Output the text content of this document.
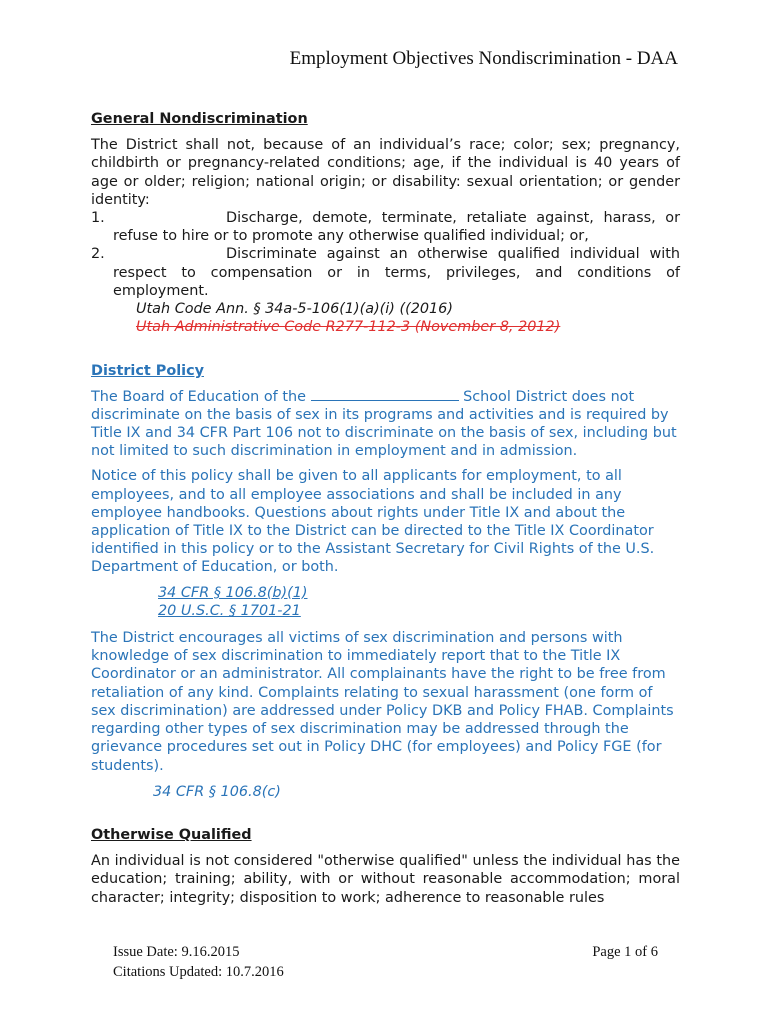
Employment Objectives Nondiscrimination - DAA
General Nondiscrimination

The District shall not, because of an individual’s race; color; sex; pregnancy, childbirth or pregnancy-related conditions; age, if the individual is 40 years of age or older; religion; national origin; or disability: sexual orientation; or gender identity:

1.	Discharge, demote, terminate, retaliate against, harass, or refuse to hire or to promote any otherwise qualified individual; or,
2.	Discriminate against an otherwise qualified individual with respect to compensation or in terms, privileges, and conditions of employment.

Utah Code Ann. § 34a-5-106(1)(a)(i) ((2016)

Utah Administrative Code R277-112-3 (November 8, 2012)

District Policy

The Board of Education of the	School District does not discriminate on the basis of sex in its programs and activities and is required by Title IX and 34 CFR Part 106 not to discriminate on the basis of sex, including but not limited to such discrimination in employment and in admission.

Notice of this policy shall be given to all applicants for employment, to all employees, and to all employee associations and shall be included in any employee handbooks. Questions about rights under Title IX and about the application of Title IX to the District can be directed to the Title IX Coordinator identified in this policy or to the Assistant Secretary for Civil Rights of the U.S. Department of Education, or both.

34 CFR § 106.8(b)(1)

20 U.S.C. § 1701-21

The District encourages all victims of sex discrimination and persons with knowledge of sex discrimination to immediately report that to the Title IX Coordinator or an administrator. All complainants have the right to be free from retaliation of any kind. Complaints relating to sexual harassment (one form of sex discrimination) are addressed under Policy DKB and Policy FHAB. Complaints regarding other types of sex discrimination may be addressed through the grievance procedures set out in Policy DHC (for employees) and Policy FGE (for students).

34 CFR § 106.8(c)

Otherwise Qualified

An individual is not considered "otherwise qualified" unless the individual has the education; training; ability, with or without reasonable accommodation; moral character; integrity; disposition to work; adherence to reasonable rules

Issue Date: 9.16.2015	Page 1 of 6
Citations Updated: 10.7.2016
